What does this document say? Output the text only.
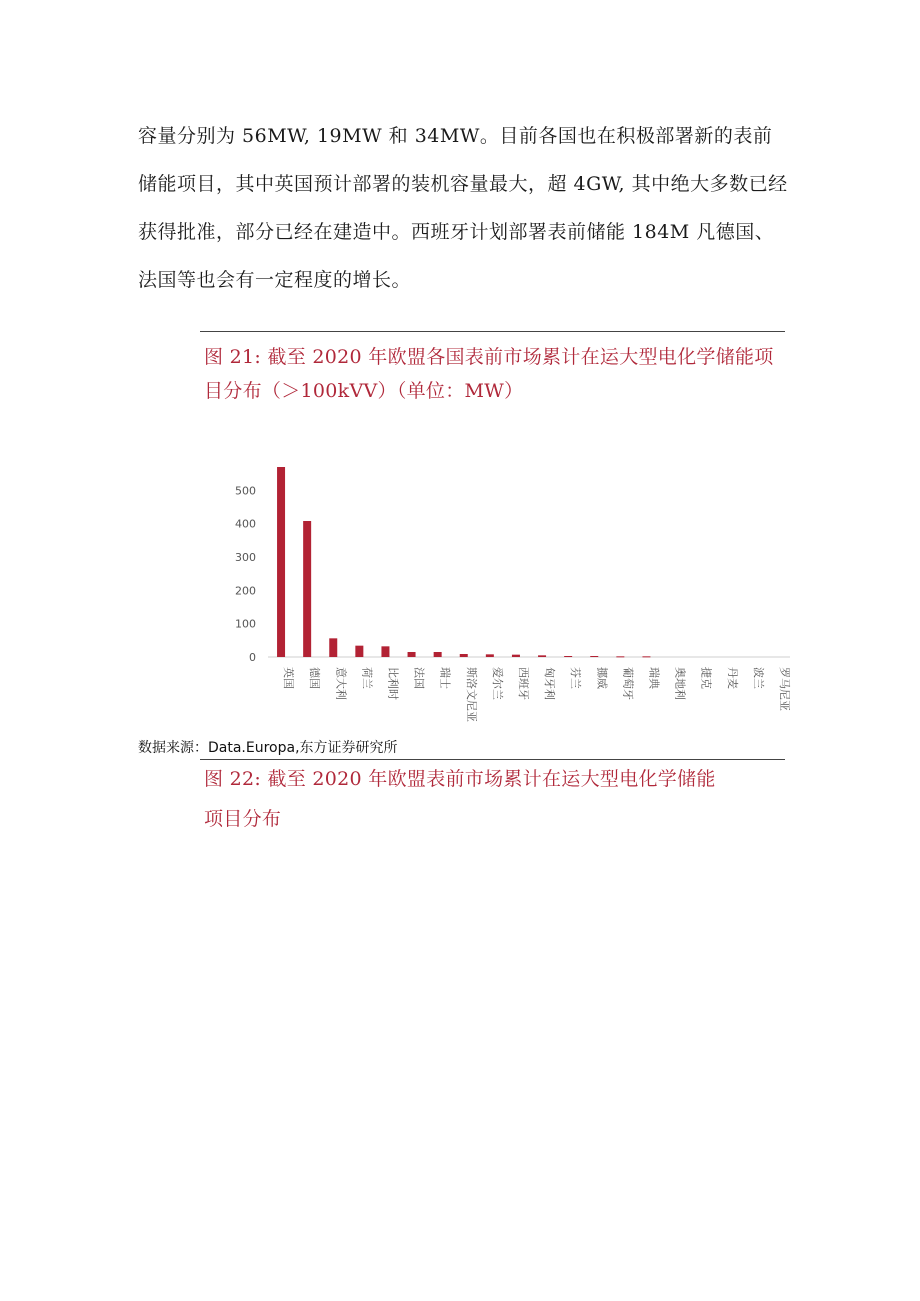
容量分别为 56MW, 19MW 和 34MW。目前各国也在积极部署新的表前储能项目，其中英国预计部署的装机容量最大，超 4GW, 其中绝大多数已经获得批准，部分已经在建造中。西班牙计划部署表前储能 184M 凡德国、法国等也会有一定程度的增长。

图 21: 截至 2020 年欧盟各国表前市场累计在运大型电化学储能项
目分布（＞100kVV）（单位：MW）

0
100
200
300
400
500
英国 德国 意大利 荷兰 比利时 法国 瑞士 斯洛文尼亚 爱尔兰 西班牙 匈牙利 芬兰 挪威 葡萄牙 瑞典 奥地利 捷克 丹麦 波兰 罗马尼亚
数据来源：Data.Europa,东方证券研究所

图 22: 截至 2020 年欧盟表前市场累计在运大型电化学储能
项目分布
